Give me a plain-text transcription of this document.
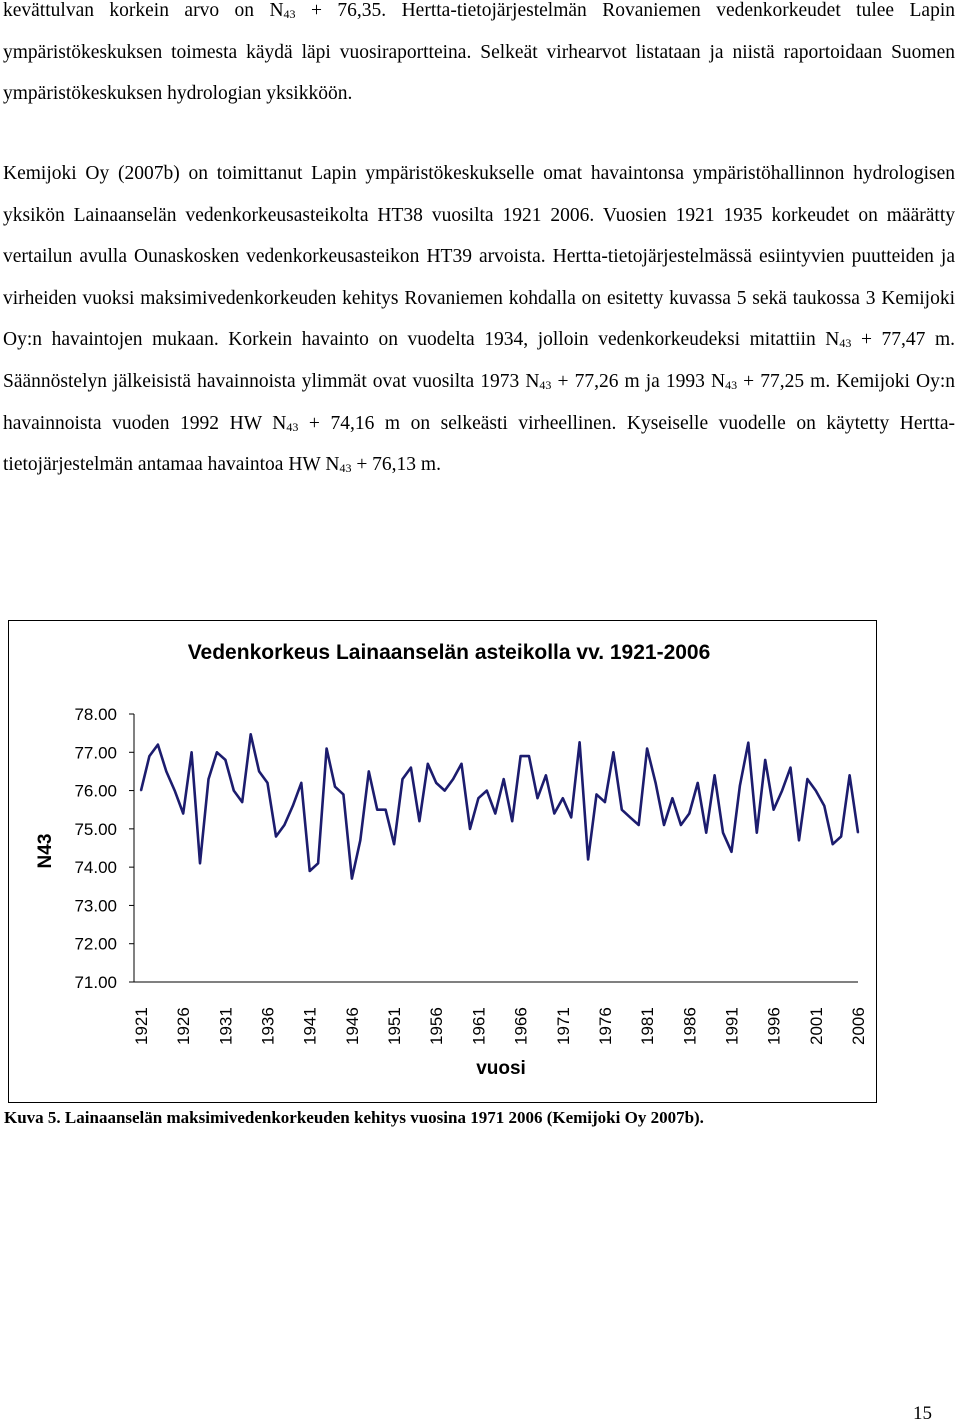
kevättulvan korkein arvo on $N_{43} + 76,35$. Hertta-tietojärjestelmän Rovaniemen vedenkorkeudet tulee Lapin ympäristökeskuksen toimesta käydä läpi vuosiraportteina. Selkeät virhearvot listataan ja niistä raportoidaan Suomen ympäristökeskuksen hydrologian yksikköön.

Kemijoki Oy (2007b) on toimittanut Lapin ympäristökeskukselle omat havaintonsa ympäristöhallinnon hydrologisen yksikön Lainaanselän vedenkorkeusasteikolta HT38 vuosilta 1921 2006. Vuosien 1921 1935 korkeudet on määrätty vertailun avulla Ounaskosken vedenkorkeusasteikon HT39 arvoista. Hertta-tietojärjestelmässä esiintyvien puutteiden ja virheiden vuoksi maksimivedenkorkeuden kehitys Rovaniemen kohdalla on esitetty kuvassa 5 sekä taukossa 3 Kemijoki Oy:n havaintojen mukaan. Korkein havainto on vuodelta 1934, jolloin vedenkorkeudeksi mitattiin $N_{43} + 77,47$ m. Säännöstelyn jälkeisistä havainnoista ylimmät ovat vuosilta 1973 $N_{43} + 77,26$ m ja 1993 $N_{43} + 77,25$ m. Kemijoki Oy:n havainnoista vuoden 1992 HW $N_{43} + 74,16$ m on selkeästi virheellinen. Kyseiselle vuodelle on käytetty Hertta-tietojärjestelmän antamaa havaintoa HW $N_{43} + 76,13$ m.

Vedenkorkeus Lainaanselän asteikolla vv. 1921-2006
78.00
77.00
76.00
75.00
74.00
73.00
72.00
71.00
1921 1926 1931 1936 1941 1946 1951 1956 1961 1966 1971 1976 1981 1986 1991 1996 2001 2006
N43
vuosi

Kuva 5. Lainaanselän maksimivedenkorkeuden kehitys vuosina 1971 2006 (Kemijoki Oy 2007b).

15
